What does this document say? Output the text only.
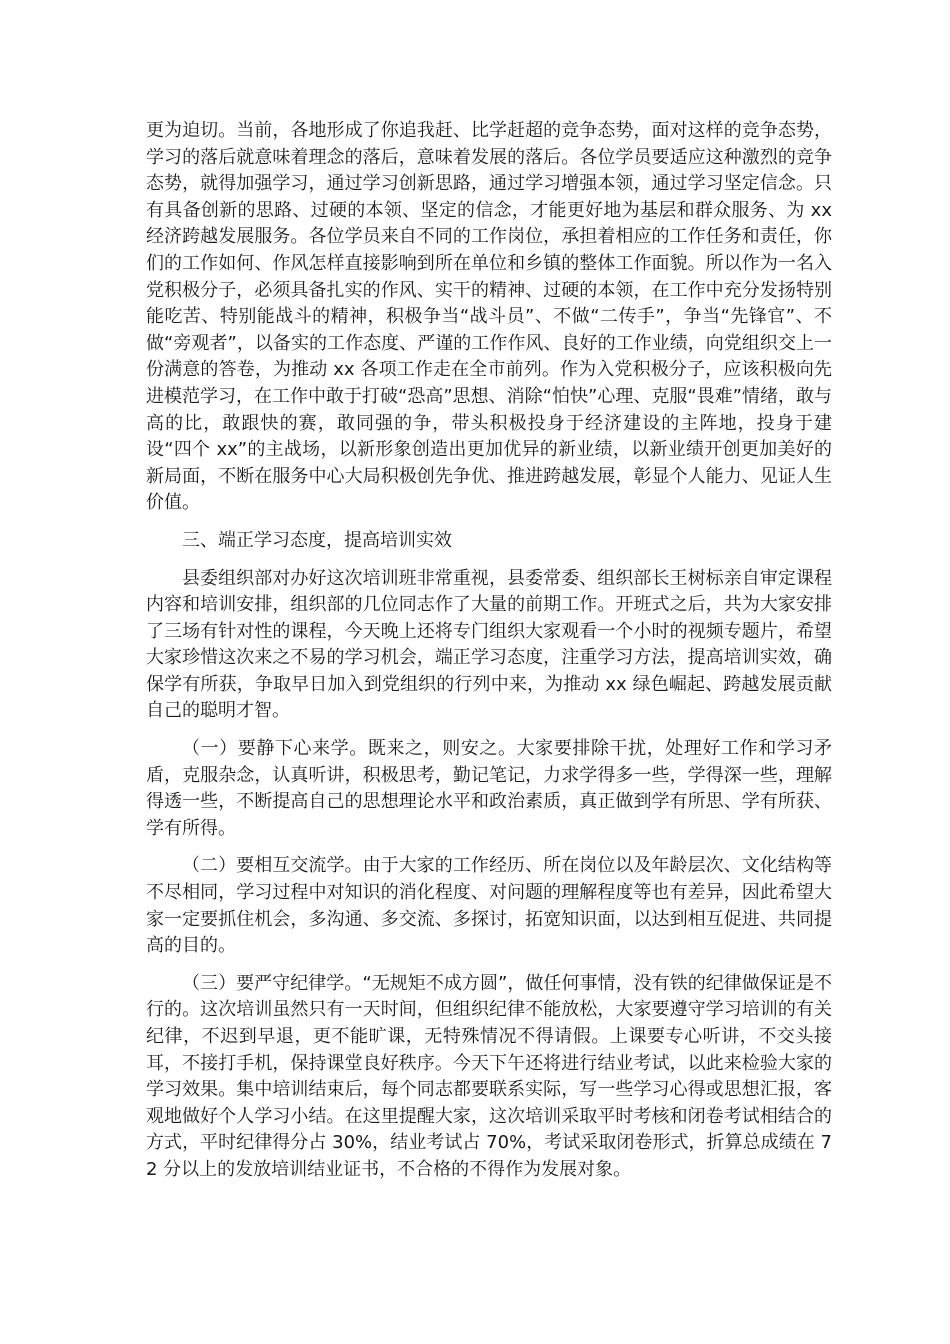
更为迫切。当前，各地形成了你追我赶、比学赶超的竞争态势，面对这样的竞争态势，学习的落后就意味着理念的落后，意味着发展的落后。各位学员要适应这种激烈的竞争态势，就得加强学习，通过学习创新思路，通过学习增强本领，通过学习坚定信念。只有具备创新的思路、过硬的本领、坚定的信念，才能更好地为基层和群众服务、为 xx 经济跨越发展服务。各位学员来自不同的工作岗位，承担着相应的工作任务和责任，你们的工作如何、作风怎样直接影响到所在单位和乡镇的整体工作面貌。所以作为一名入党积极分子，必须具备扎实的作风、实干的精神、过硬的本领，在工作中充分发扬特别能吃苦、特别能战斗的精神，积极争当“战斗员”、不做“二传手”，争当“先锋官”、不做“旁观者”，以备实的工作态度、严谨的工作作风、良好的工作业绩，向党组织交上一份满意的答卷，为推动 xx 各项工作走在全市前列。作为入党积极分子，应该积极向先进模范学习，在工作中敢于打破“恐高”思想、消除“怕快”心理、克服“畏难”情绪，敢与高的比，敢跟快的赛，敢同强的争，带头积极投身于经济建设的主阵地，投身于建设“四个 xx”的主战场，以新形象创造出更加优异的新业绩，以新业绩开创更加美好的新局面，不断在服务中心大局积极创先争优、推进跨越发展，彰显个人能力、见证人生价值。

三、端正学习态度，提高培训实效

县委组织部对办好这次培训班非常重视，县委常委、组织部长王树标亲自审定课程内容和培训安排，组织部的几位同志作了大量的前期工作。开班式之后，共为大家安排了三场有针对性的课程，今天晚上还将专门组织大家观看一个小时的视频专题片，希望大家珍惜这次来之不易的学习机会，端正学习态度，注重学习方法，提高培训实效，确保学有所获，争取早日加入到党组织的行列中来，为推动 xx 绿色崛起、跨越发展贡献自己的聪明才智。

（一）要静下心来学。既来之，则安之。大家要排除干扰，处理好工作和学习矛盾，克服杂念，认真听讲，积极思考，勤记笔记，力求学得多一些，学得深一些，理解得透一些，不断提高自己的思想理论水平和政治素质，真正做到学有所思、学有所获、学有所得。

（二）要相互交流学。由于大家的工作经历、所在岗位以及年龄层次、文化结构等不尽相同，学习过程中对知识的消化程度、对问题的理解程度等也有差异，因此希望大家一定要抓住机会，多沟通、多交流、多探讨，拓宽知识面，以达到相互促进、共同提高的目的。

（三）要严守纪律学。“无规矩不成方圆”，做任何事情，没有铁的纪律做保证是不行的。这次培训虽然只有一天时间，但组织纪律不能放松，大家要遵守学习培训的有关纪律，不迟到早退，更不能旷课，无特殊情况不得请假。上课要专心听讲，不交头接耳，不接打手机，保持课堂良好秩序。今天下午还将进行结业考试，以此来检验大家的学习效果。集中培训结束后，每个同志都要联系实际，写一些学习心得或思想汇报，客观地做好个人学习小结。在这里提醒大家，这次培训采取平时考核和闭卷考试相结合的方式，平时纪律得分占 30%，结业考试占 70%，考试采取闭卷形式，折算总成绩在 72 分以上的发放培训结业证书，不合格的不得作为发展对象。
